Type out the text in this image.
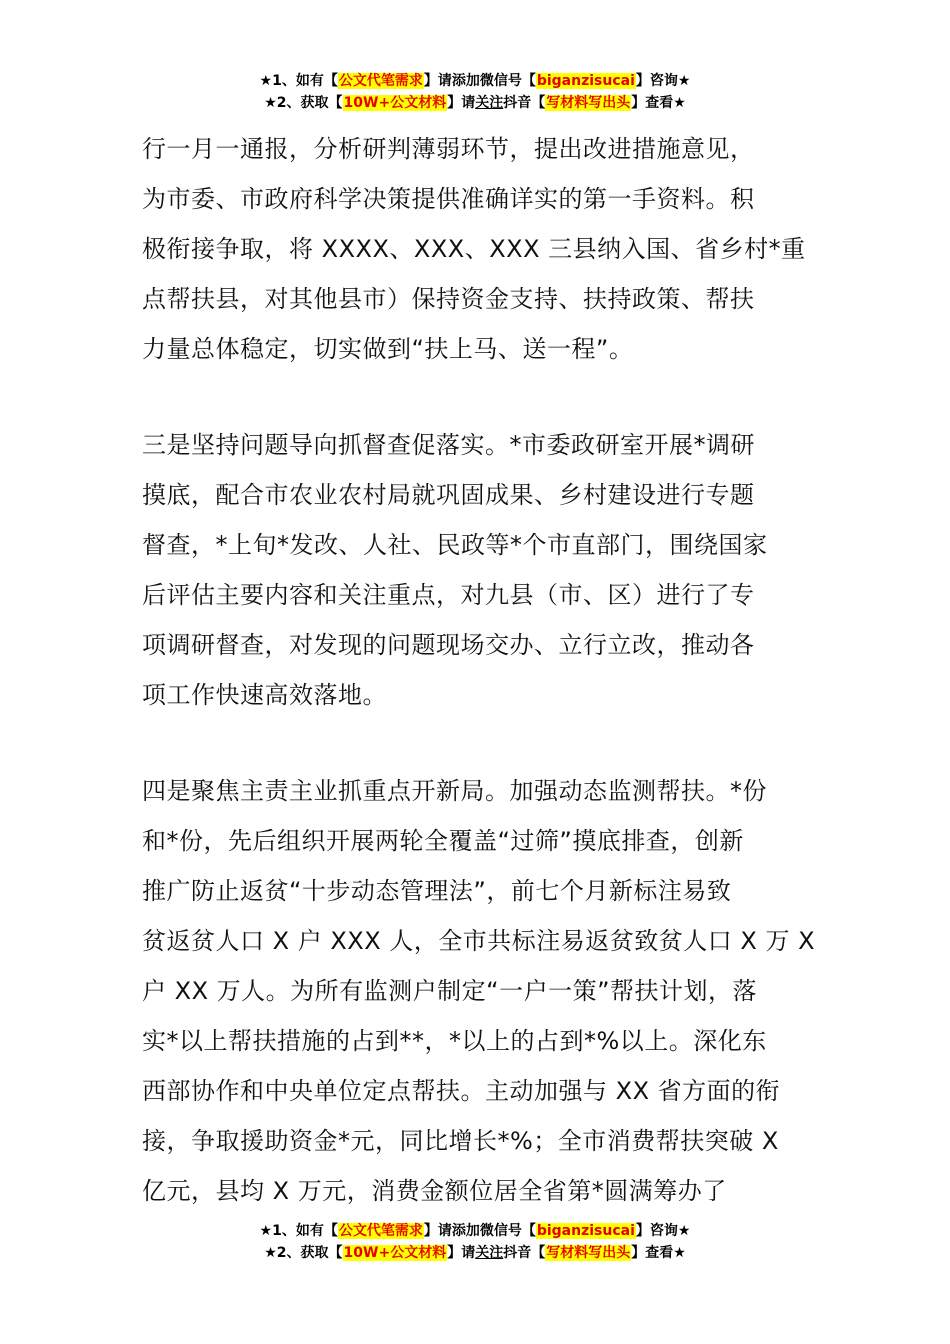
★1、如有【公文代笔需求】请添加微信号【biganzisucai】咨询★
★2、获取【10W+公文材料】请关注抖音【写材料写出头】查看★

行一月一通报，分析研判薄弱环节，提出改进措施意见，
为市委、市政府科学决策提供准确详实的第一手资料。积
极衔接争取，将 XXXX、XXX、XXX 三县纳入国、省乡村*重
点帮扶县，对其他县市）保持资金支持、扶持政策、帮扶
力量总体稳定，切实做到“扶上马、送一程”。

三是坚持问题导向抓督查促落实。*市委政研室开展*调研
摸底，配合市农业农村局就巩固成果、乡村建设进行专题
督查，*上旬*发改、人社、民政等*个市直部门，围绕国家
后评估主要内容和关注重点，对九县（市、区）进行了专
项调研督查，对发现的问题现场交办、立行立改，推动各
项工作快速高效落地。

四是聚焦主责主业抓重点开新局。加强动态监测帮扶。*份
和*份，先后组织开展两轮全覆盖“过筛”摸底排查，创新
推广防止返贫“十步动态管理法”，前七个月新标注易致
贫返贫人口 X 户 XXX 人，全市共标注易返贫致贫人口 X 万 X
户 XX 万人。为所有监测户制定“一户一策”帮扶计划，落
实*以上帮扶措施的占到**，*以上的占到*%以上。深化东
西部协作和中央单位定点帮扶。主动加强与 XX 省方面的衔
接，争取援助资金*元，同比增长*%；全市消费帮扶突破 X
亿元，县均 X 万元，消费金额位居全省第*圆满筹办了

★1、如有【公文代笔需求】请添加微信号【biganzisucai】咨询★
★2、获取【10W+公文材料】请关注抖音【写材料写出头】查看★
